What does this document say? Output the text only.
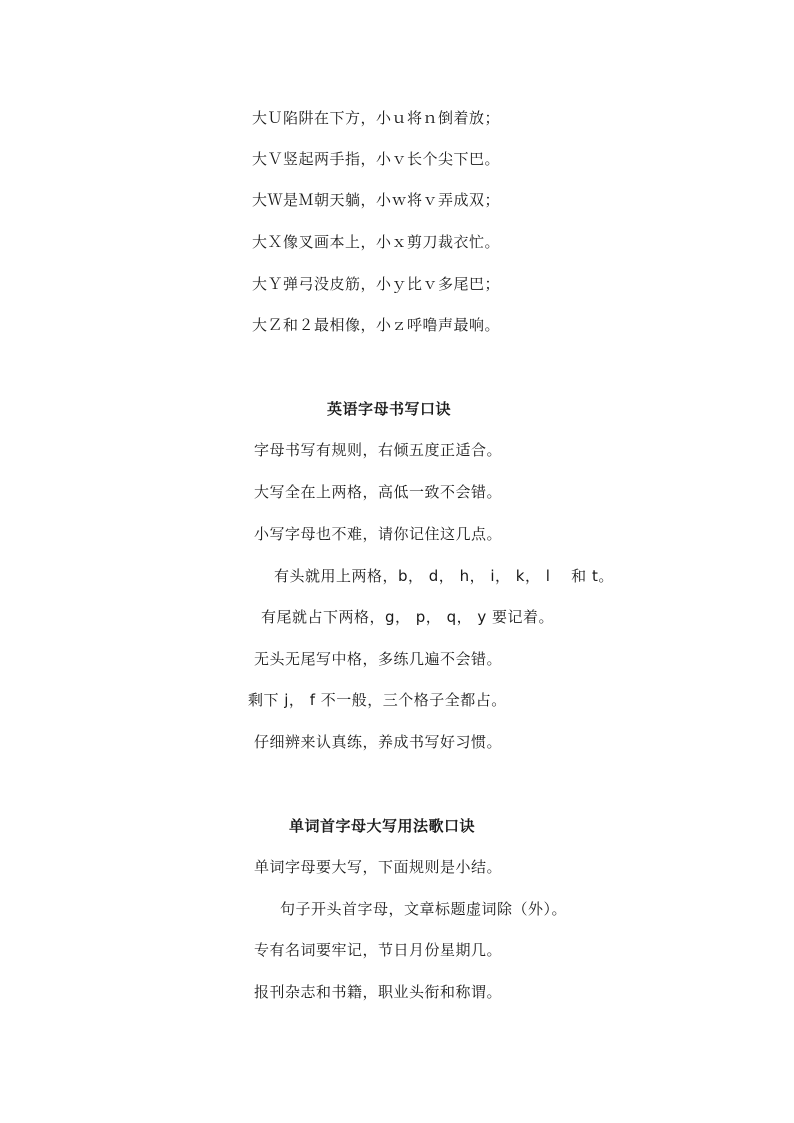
大Ｕ陷阱在下方，小ｕ将ｎ倒着放；
大Ｖ竖起两手指，小ｖ长个尖下巴。
大Ｗ是Ｍ朝天躺，小ｗ将ｖ弄成双；
大Ｘ像叉画本上，小ｘ剪刀裁衣忙。
大Ｙ弹弓没皮筋，小ｙ比ｖ多尾巴；
大Ｚ和２最相像，小ｚ呼噜声最响。
英语字母书写口诀
字母书写有规则，右倾五度正适合。
大写全在上两格，高低一致不会错。
小写字母也不难，请你记住这几点。
有头就用上两格，b， d， h， i， k， l　 和 t。
有尾就占下两格，g， p， q， y 要记着。
无头无尾写中格，多练几遍不会错。
剩下 j， f 不一般，三个格子全都占。
仔细辨来认真练，养成书写好习惯。
单词首字母大写用法歌口诀
单词字母要大写，下面规则是小结。
句子开头首字母，文章标题虚词除（外）。
专有名词要牢记，节日月份星期几。
报刊杂志和书籍，职业头衔和称谓。
